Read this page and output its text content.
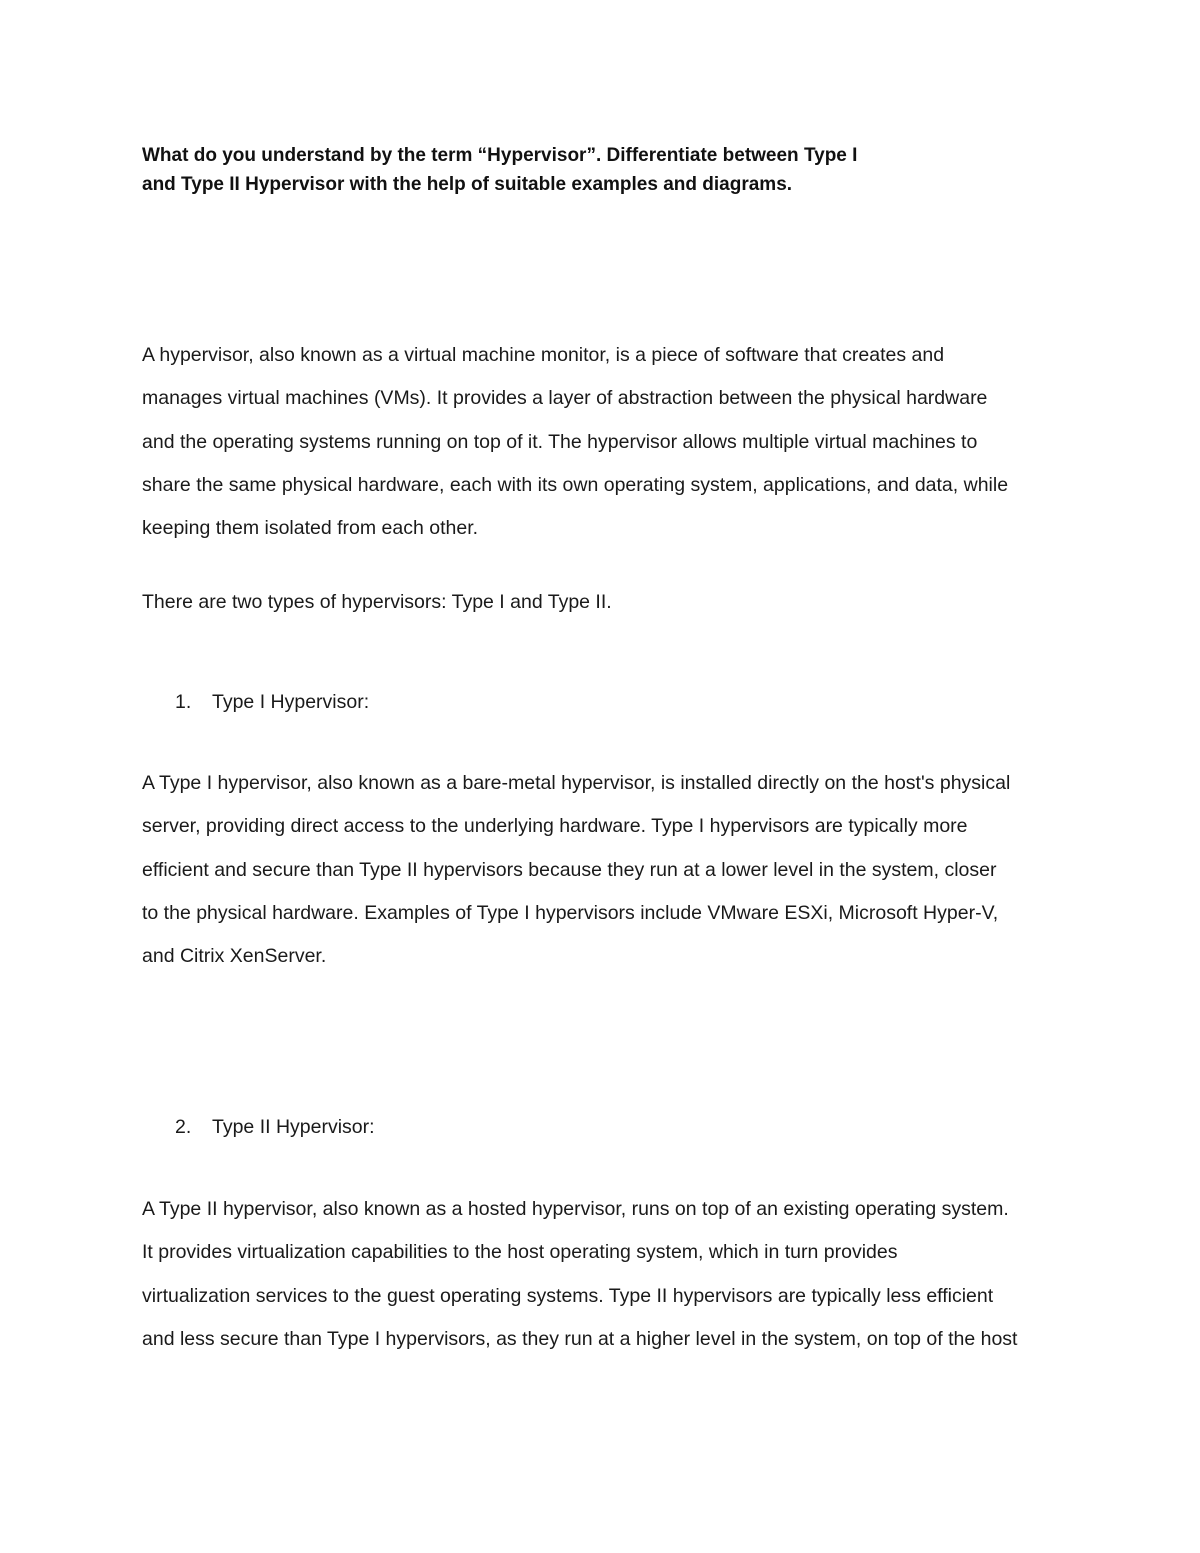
What do you understand by the term “Hypervisor”. Differentiate between Type I
and Type II Hypervisor with the help of suitable examples and diagrams.
A hypervisor, also known as a virtual machine monitor, is a piece of software that creates and
manages virtual machines (VMs). It provides a layer of abstraction between the physical hardware
and the operating systems running on top of it. The hypervisor allows multiple virtual machines to
share the same physical hardware, each with its own operating system, applications, and data, while
keeping them isolated from each other.
There are two types of hypervisors: Type I and Type II.
1. Type I Hypervisor:
A Type I hypervisor, also known as a bare-metal hypervisor, is installed directly on the host's physical
server, providing direct access to the underlying hardware. Type I hypervisors are typically more
efficient and secure than Type II hypervisors because they run at a lower level in the system, closer
to the physical hardware. Examples of Type I hypervisors include VMware ESXi, Microsoft Hyper-V,
and Citrix XenServer.
2. Type II Hypervisor:
A Type II hypervisor, also known as a hosted hypervisor, runs on top of an existing operating system.
It provides virtualization capabilities to the host operating system, which in turn provides
virtualization services to the guest operating systems. Type II hypervisors are typically less efficient
and less secure than Type I hypervisors, as they run at a higher level in the system, on top of the host
